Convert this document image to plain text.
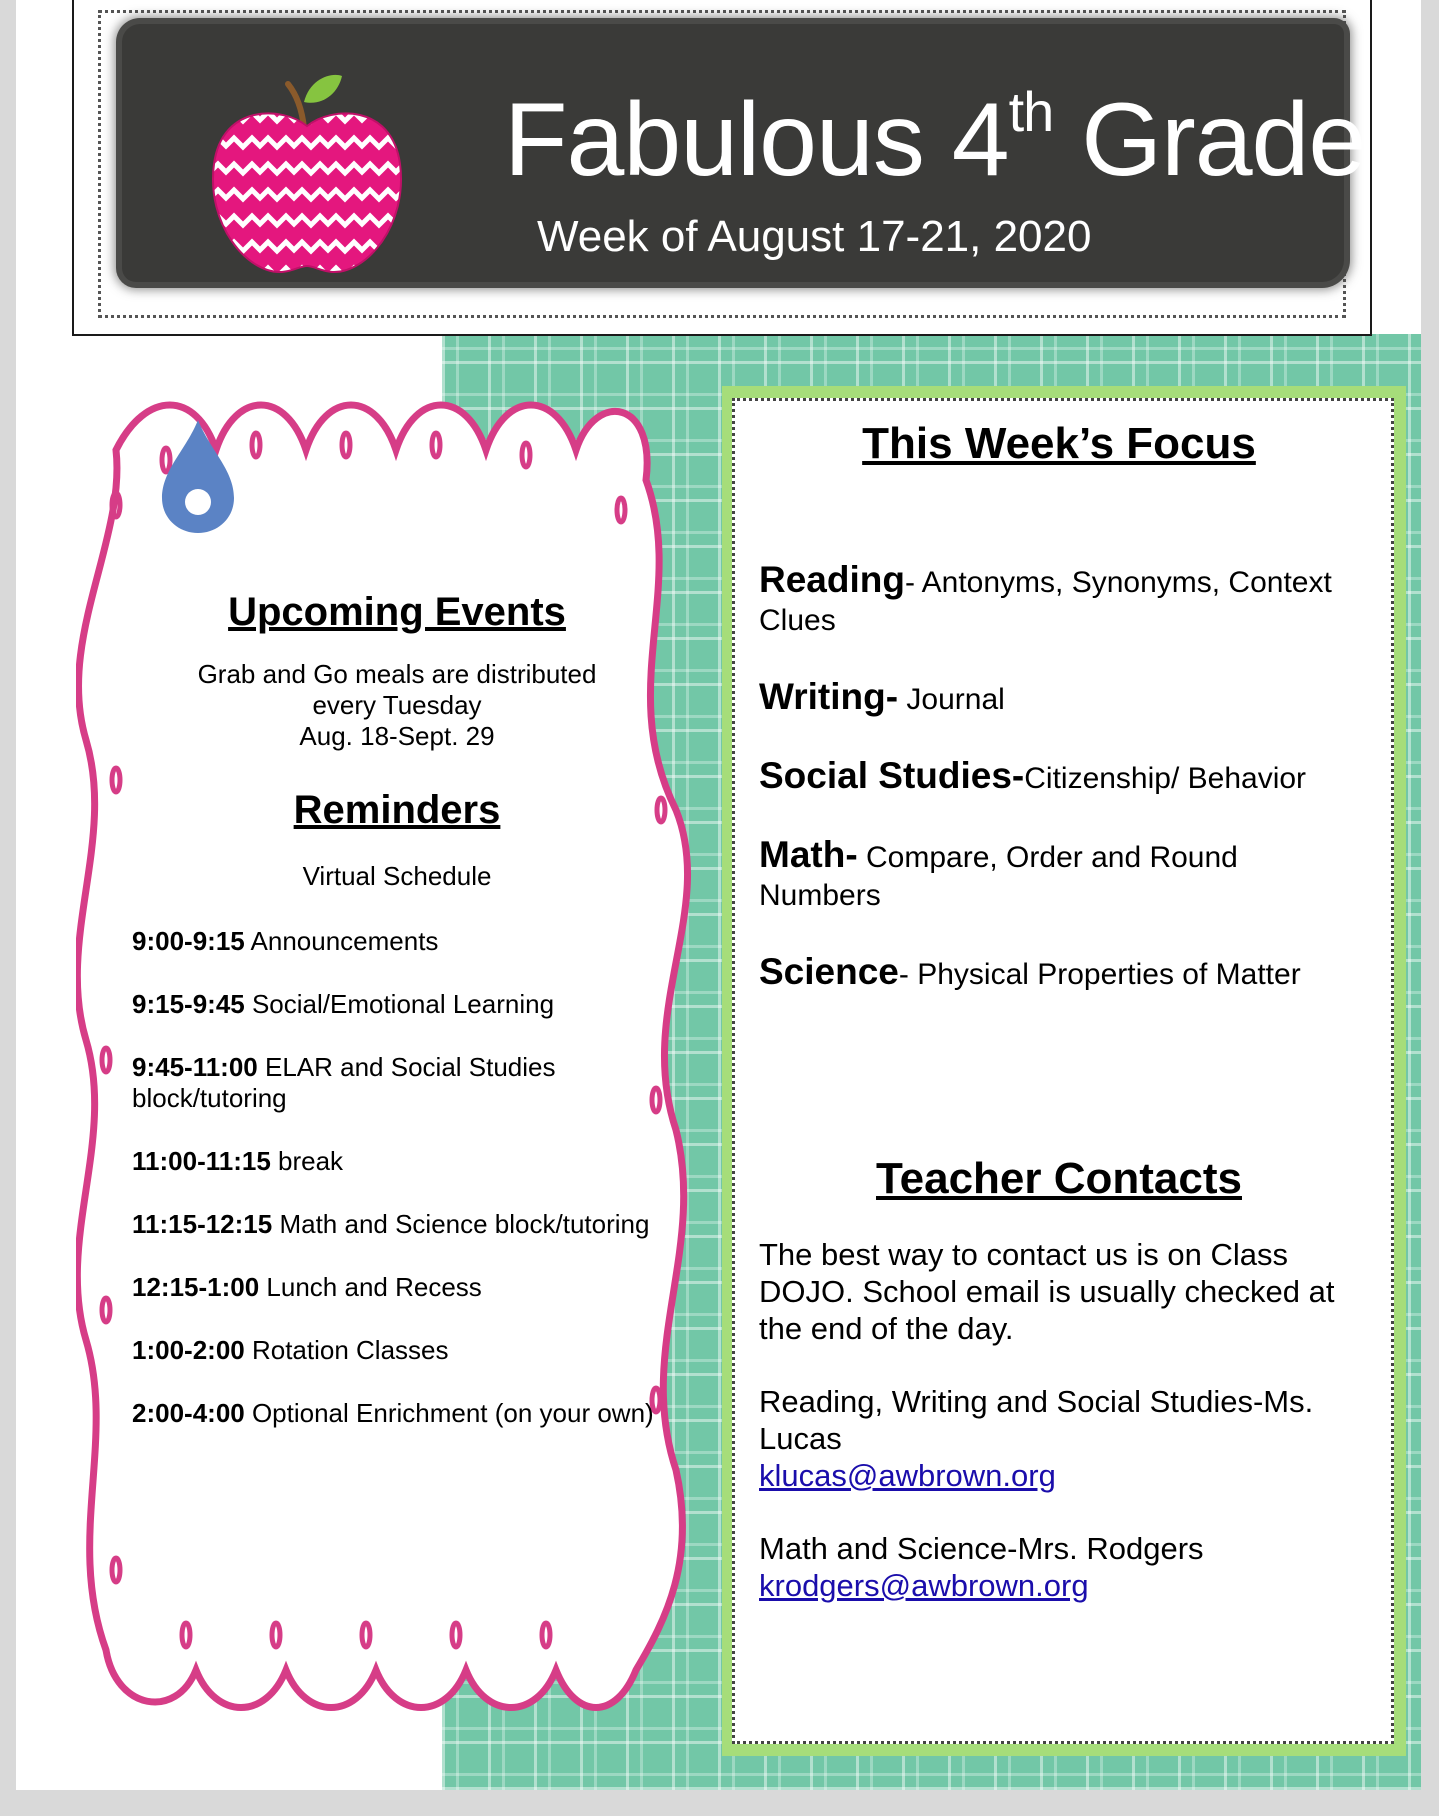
Fabulous 4th Grade

Week of August 17-21, 2020

Upcoming Events
Grab and Go meals are distributed
every Tuesday
Aug. 18-Sept. 29
Reminders
Virtual Schedule
9:00-9:15 Announcements
9:15-9:45 Social/Emotional Learning
9:45-11:00 ELAR and Social Studies block/tutoring
11:00-11:15 break
11:15-12:15 Math and Science block/tutoring
12:15-1:00 Lunch and Recess
1:00-2:00 Rotation Classes
2:00-4:00 Optional Enrichment (on your own)
This Week’s Focus

Reading- Antonyms, Synonyms, Context Clues

Writing- Journal

Social Studies-Citizenship/ Behavior

Math- Compare, Order and Round Numbers

Science- Physical Properties of Matter

Teacher Contacts

The best way to contact us is on Class DOJO. School email is usually checked at the end of the day.

Reading, Writing and Social Studies-Ms. Lucas

klucas@awbrown.org

Math and Science-Mrs. Rodgers

krodgers@awbrown.org
